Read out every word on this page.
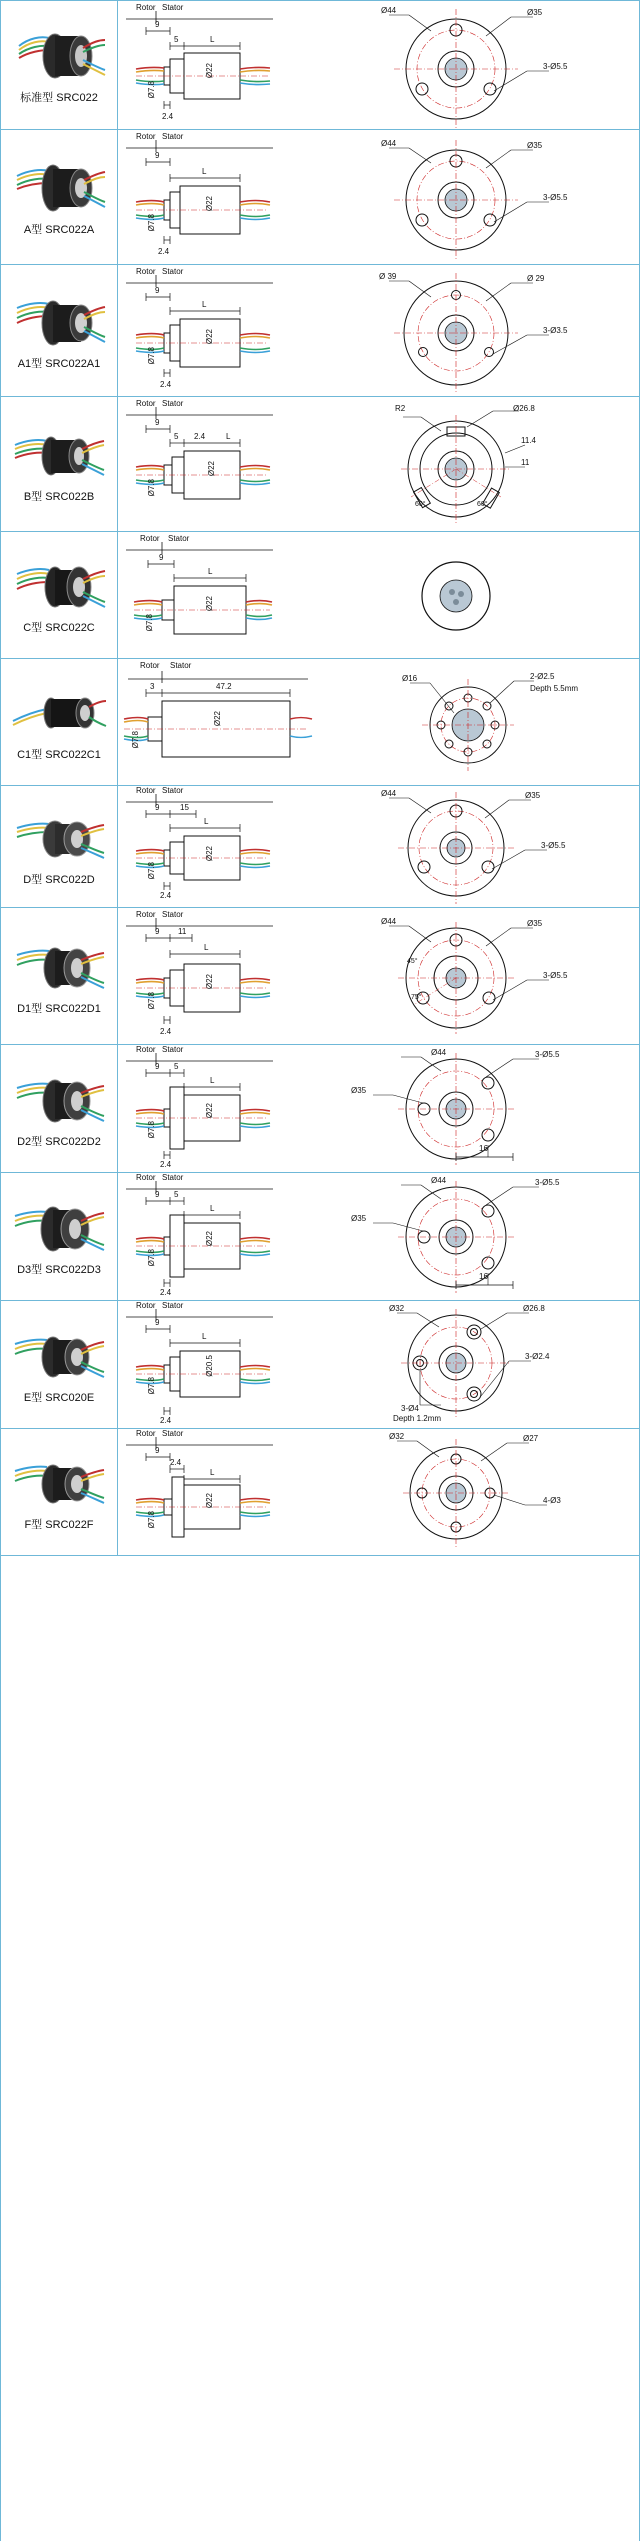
标准型 SRC022
Rotor Stator
9
5	L
Ø7.8
Ø22
2.4
Ø44	Ø35
3-Ø5.5
A型 SRC022A
Rotor Stator
9
L
Ø7.8
Ø22
2.4
Ø44	Ø35
3-Ø5.5
A1型 SRC022A1
Rotor Stator
9
L
Ø7.8
Ø22
2.4
Ø 39	Ø 29
3-Ø3.5
B型 SRC022B
Rotor Stator
9
5 2.4	L
Ø7.8
Ø22
R2	Ø26.8
11.4
11
60°	60°
C型 SRC022C
Rotor Stator
9
L
Ø7.8
Ø22
C1型 SRC022C1
Rotor Stator
3	47.2
Ø7.8
Ø22
Ø16	2-Ø2.5
Depth 5.5mm
D型 SRC022D
Rotor Stator
9	15
L
Ø7.8
Ø22
2.4
Ø44	Ø35
3-Ø5.5
D1型 SRC022D1
Rotor Stator
9 11
L
Ø7.8
Ø22
2.4
Ø44	Ø35
3-Ø5.5
45°
75°
D2型 SRC022D2
Rotor Stator
9 5
L
Ø7.8
Ø22
2.4
Ø44
Ø35
3-Ø5.5
16
D3型 SRC022D3
Rotor Stator
9 5
L
Ø7.8
Ø22
2.4
Ø44
Ø35
3-Ø5.5
16
E型 SRC020E
Rotor Stator
9
L
Ø7.8
Ø20.5
2.4
Ø32	Ø26.8
3-Ø2.4
3-Ø4
Depth 1.2mm
F型 SRC022F
Rotor Stator
9
2.4
L
Ø7.8
Ø22
Ø32	Ø27
4-Ø3
